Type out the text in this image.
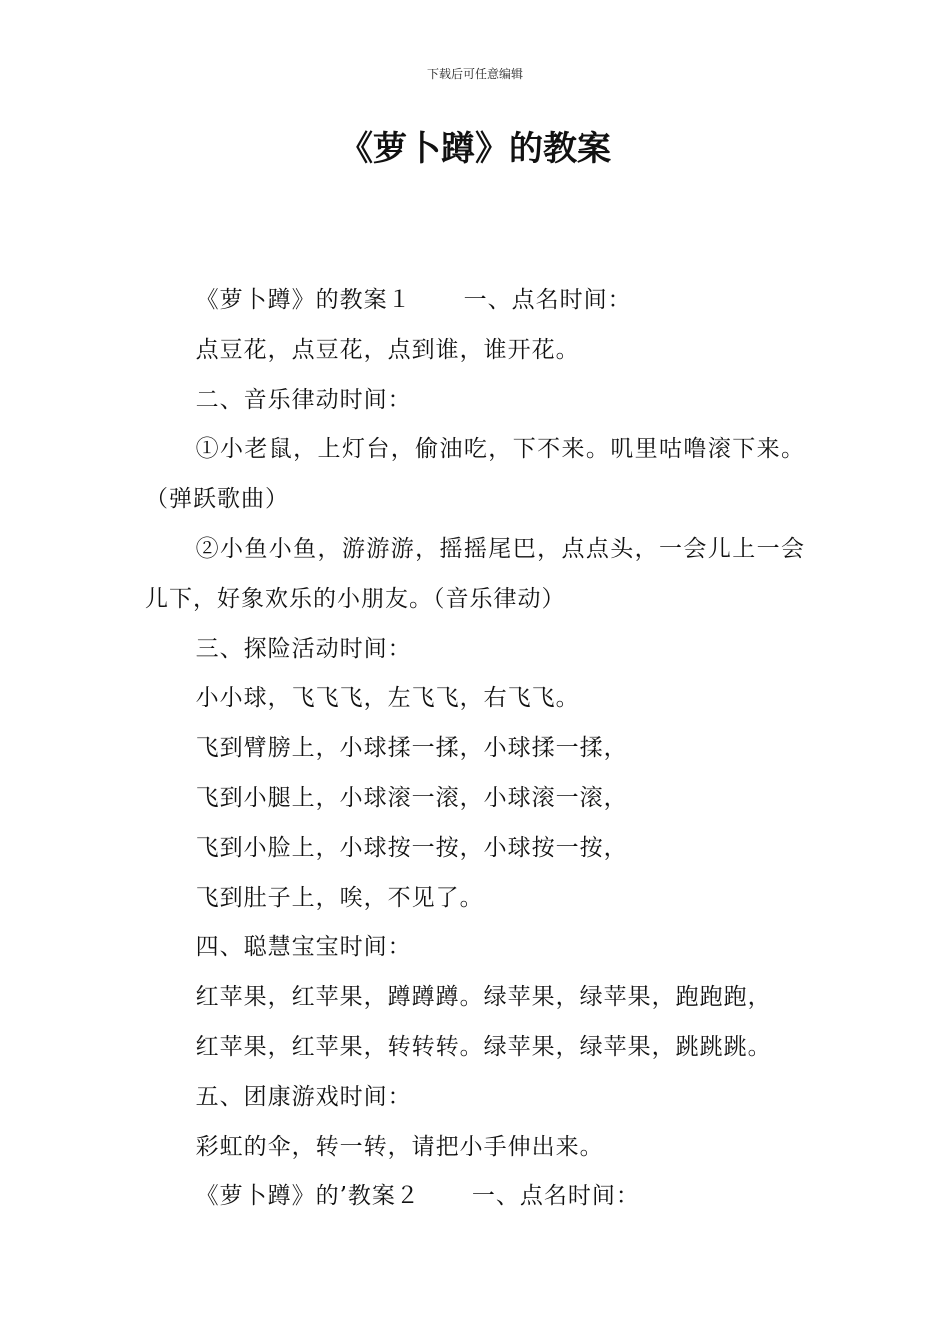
下载后可任意编辑
《萝卜蹲》的教案

《萝卜蹲》的教案１ 一、点名时间：

点豆花，点豆花，点到谁，谁开花。

二、音乐律动时间：

①小老鼠，上灯台，偷油吃，下不来。叽里咕噜滚下来。（弹跃歌曲）

②小鱼小鱼，游游游，摇摇尾巴，点点头，一会儿上一会儿下，好象欢乐的小朋友。（音乐律动）

三、探险活动时间：

小小球，飞飞飞，左飞飞，右飞飞。

飞到臂膀上，小球揉一揉，小球揉一揉，

飞到小腿上，小球滚一滚，小球滚一滚，

飞到小脸上，小球按一按，小球按一按，

飞到肚子上，唉，不见了。

四、聪慧宝宝时间：

红苹果，红苹果，蹲蹲蹲。绿苹果，绿苹果，跑跑跑，

红苹果，红苹果，转转转。绿苹果，绿苹果，跳跳跳。

五、团康游戏时间：

彩虹的伞，转一转，请把小手伸出来。

《萝卜蹲》的’教案２ 一、点名时间：
